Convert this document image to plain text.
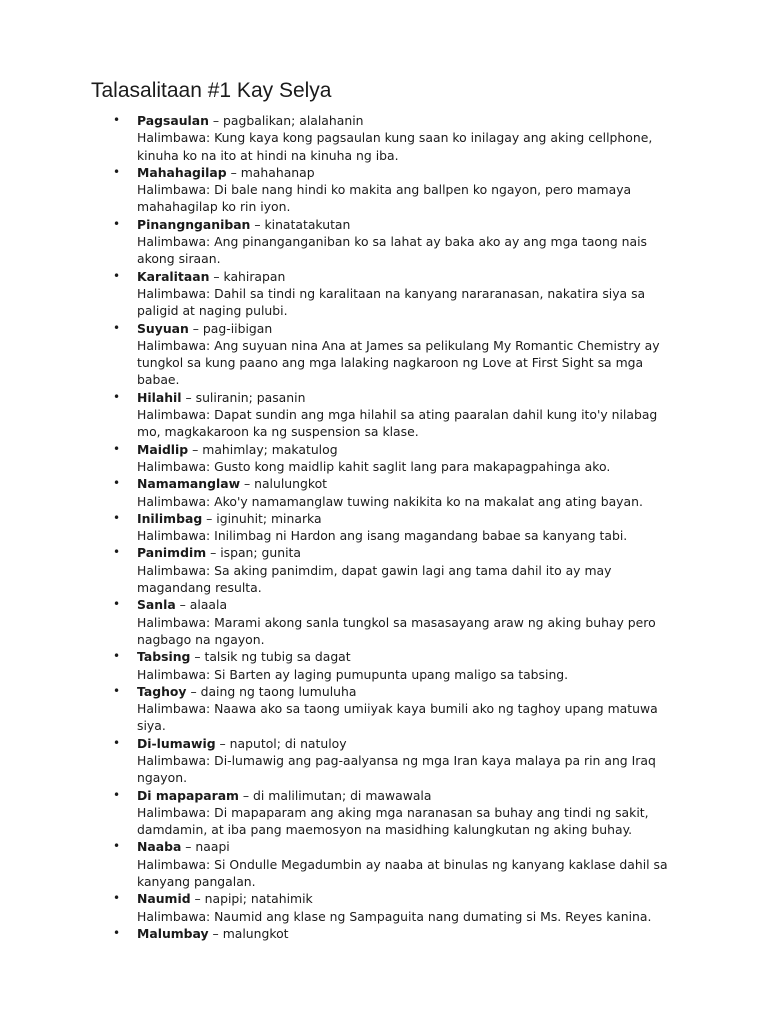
Talasalitaan #1 Kay Selya
• Pagsaulan – pagbalikan; alalahanin
Halimbawa: Kung kaya kong pagsaulan kung saan ko inilagay ang aking cellphone, kinuha ko na ito at hindi na kinuha ng iba.
• Mahahagilap – mahahanap
Halimbawa: Di bale nang hindi ko makita ang ballpen ko ngayon, pero mamaya mahahagilap ko rin iyon.
• Pinangnganiban – kinatatakutan
Halimbawa: Ang pinanganganiban ko sa lahat ay baka ako ay ang mga taong nais akong siraan.
• Karalitaan – kahirapan
Halimbawa: Dahil sa tindi ng karalitaan na kanyang nararanasan, nakatira siya sa paligid at naging pulubi.
• Suyuan – pag-iibigan
Halimbawa: Ang suyuan nina Ana at James sa pelikulang My Romantic Chemistry ay tungkol sa kung paano ang mga lalaking nagkaroon ng Love at First Sight sa mga babae.
• Hilahil – suliranin; pasanin
Halimbawa: Dapat sundin ang mga hilahil sa ating paaralan dahil kung ito'y nilabag mo, magkakaroon ka ng suspension sa klase.
• Maidlip – mahimlay; makatulog
Halimbawa: Gusto kong maidlip kahit saglit lang para makapagpahinga ako.
• Namamanglaw – nalulungkot
Halimbawa: Ako'y namamanglaw tuwing nakikita ko na makalat ang ating bayan.
• Inilimbag – iginuhit; minarka
Halimbawa: Inilimbag ni Hardon ang isang magandang babae sa kanyang tabi.
• Panimdim – ispan; gunita
Halimbawa: Sa aking panimdim, dapat gawin lagi ang tama dahil ito ay may magandang resulta.
• Sanla – alaala
Halimbawa: Marami akong sanla tungkol sa masasayang araw ng aking buhay pero nagbago na ngayon.
• Tabsing – talsik ng tubig sa dagat
Halimbawa: Si Barten ay laging pumupunta upang maligo sa tabsing.
• Taghoy – daing ng taong lumuluha
Halimbawa: Naawa ako sa taong umiiyak kaya bumili ako ng taghoy upang matuwa siya.
• Di-lumawig – naputol; di natuloy
Halimbawa: Di-lumawig ang pag-aalyansa ng mga Iran kaya malaya pa rin ang Iraq ngayon.
• Di mapaparam – di malilimutan; di mawawala
Halimbawa: Di mapaparam ang aking mga naranasan sa buhay ang tindi ng sakit, damdamin, at iba pang maemosyon na masidhing kalungkutan ng aking buhay.
• Naaba – naapi
Halimbawa: Si Ondulle Megadumbin ay naaba at binulas ng kanyang kaklase dahil sa kanyang pangalan.
• Naumid – napipi; natahimik
Halimbawa: Naumid ang klase ng Sampaguita nang dumating si Ms. Reyes kanina.
• Malumbay – malungkot
